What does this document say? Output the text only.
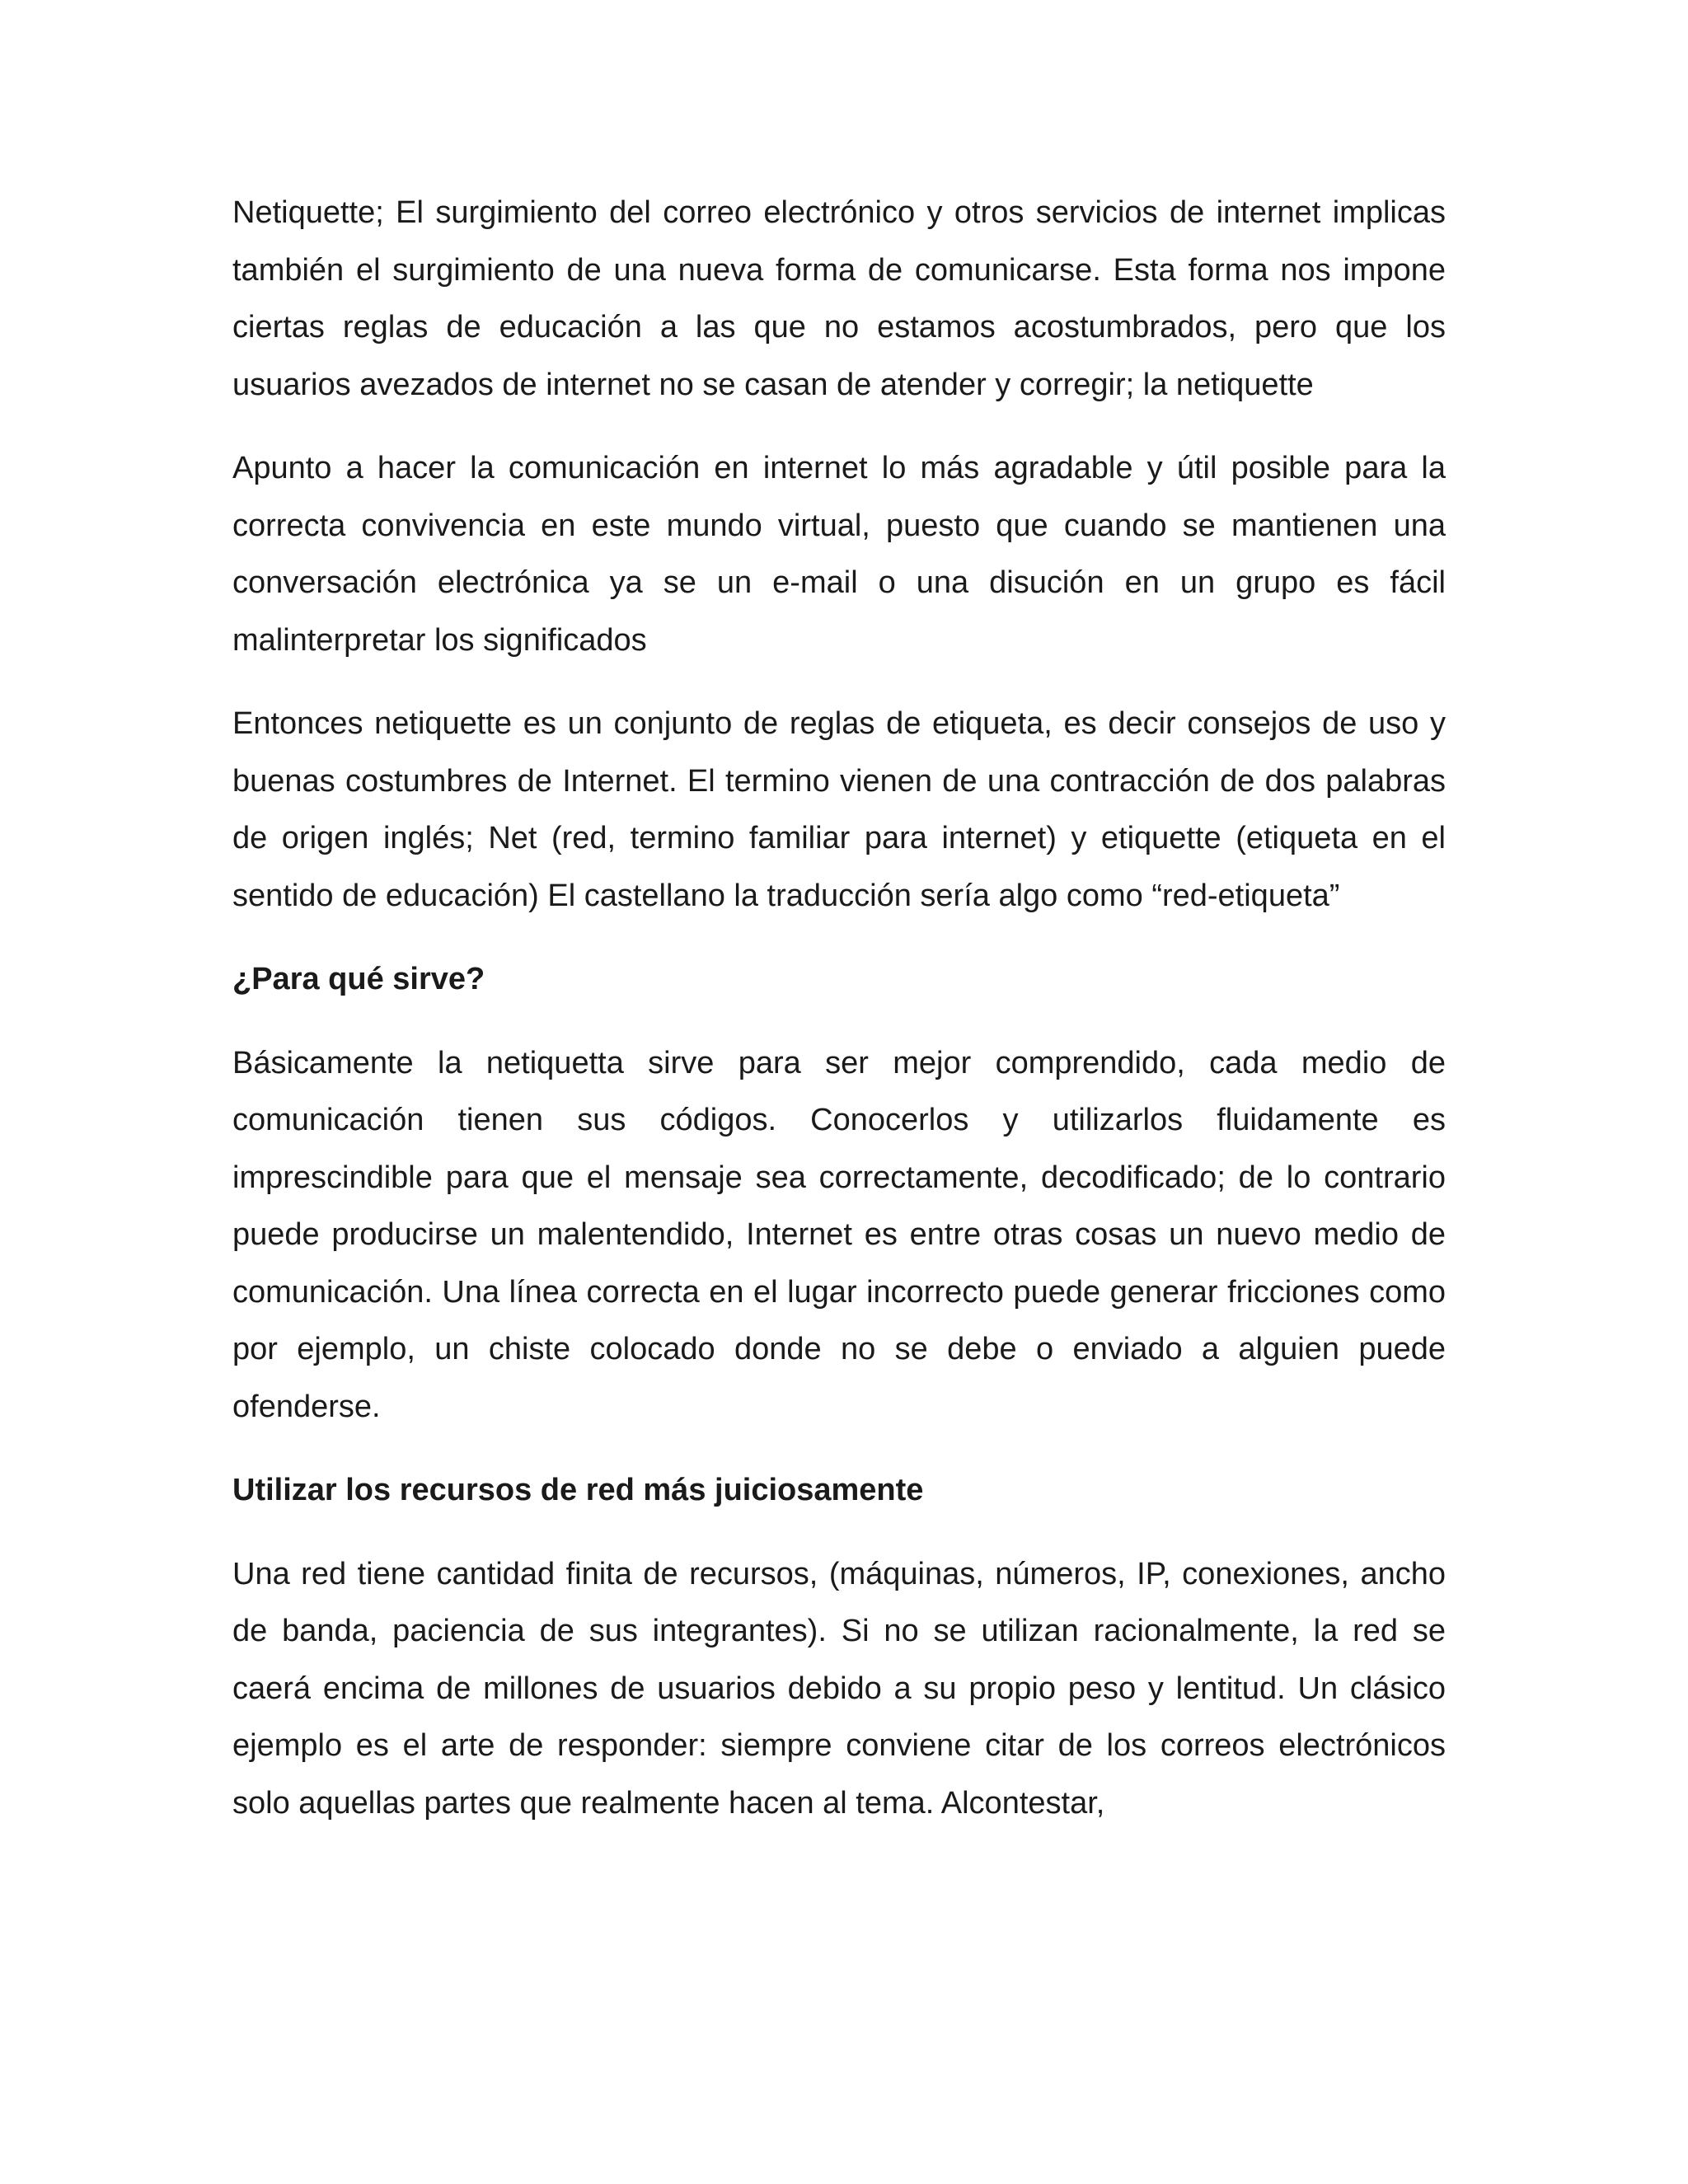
Netiquette; El surgimiento del correo electrónico y otros servicios de internet implicas también el surgimiento de una nueva forma de comunicarse. Esta forma nos impone ciertas reglas de educación a las que no estamos acostumbrados, pero que los usuarios avezados de internet no se casan de atender y corregir; la netiquette

Apunto a hacer la comunicación en internet lo más agradable y útil posible para la correcta convivencia en este mundo virtual, puesto que cuando se mantienen una conversación electrónica ya se un e-mail o una disución en un grupo es fácil malinterpretar los significados

Entonces netiquette es un conjunto de reglas de etiqueta, es decir consejos de uso y buenas costumbres de Internet. El termino vienen de una contracción de dos palabras de origen inglés; Net (red, termino familiar para internet) y etiquette (etiqueta en el sentido de educación) El castellano la traducción sería algo como “red-etiqueta”

¿Para qué sirve?

Básicamente la netiquetta sirve para ser mejor comprendido, cada medio de comunicación tienen sus códigos. Conocerlos y utilizarlos fluidamente es imprescindible para que el mensaje sea correctamente, decodificado; de lo contrario puede producirse un malentendido, Internet es entre otras cosas un nuevo medio de comunicación. Una línea correcta en el lugar incorrecto puede generar fricciones como por ejemplo, un chiste colocado donde no se debe o enviado a alguien puede ofenderse.

Utilizar los recursos de red más juiciosamente

Una red tiene cantidad finita de recursos, (máquinas, números, IP, conexiones, ancho de banda, paciencia de sus integrantes). Si no se utilizan racionalmente, la red se caerá encima de millones de usuarios debido a su propio peso y lentitud. Un clásico ejemplo es el arte de responder: siempre conviene citar de los correos electrónicos solo aquellas partes que realmente hacen al tema. Alcontestar,
